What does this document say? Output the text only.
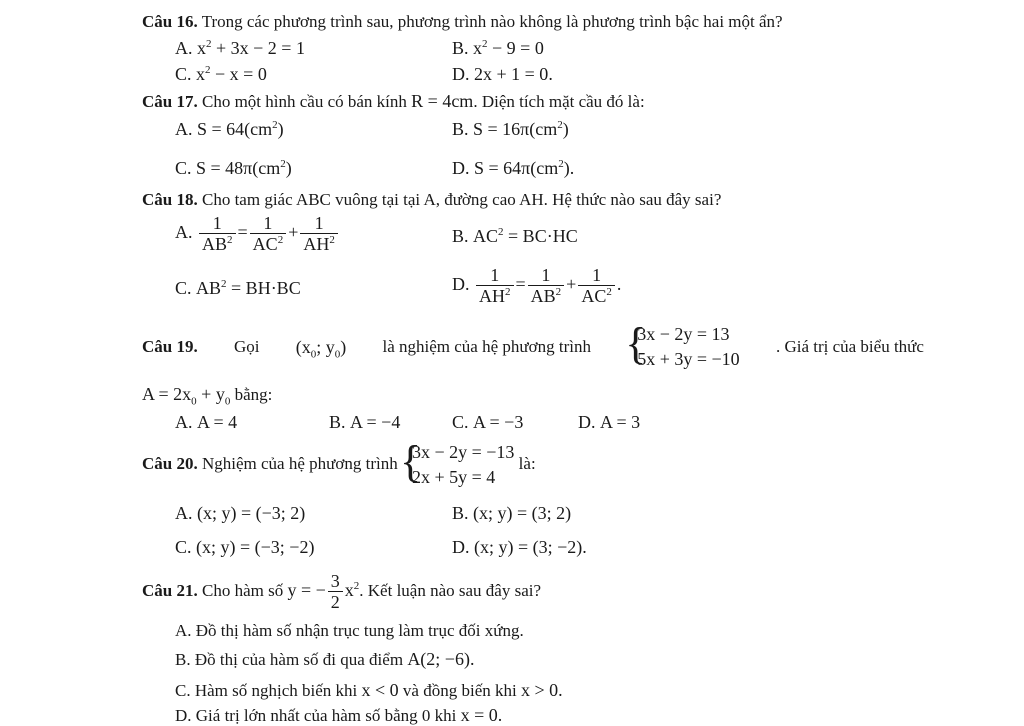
Câu 16. Trong các phương trình sau, phương trình nào không là phương trình bậc hai một ẩn?
A. $x^2 + 3x - 2 = 1$	B. $x^2 - 9 = 0$
C. $x^2 - x = 0$	D. 2x + 1 = 0.
Câu 17. Cho một hình cầu có bán kính R = 4cm. Diện tích mặt cầu đó là:
A. $S = 64(cm^2)$	B. $S = 16\pi(cm^2)$
C. $S = 48\pi(cm^2)$	D. $S = 64\pi(cm^2)$.
Câu 18. Cho tam giác ABC vuông tại tại A, đường cao AH. Hệ thức nào sau đây sai?
A. $\frac{1}{AB^2} = \frac{1}{AC^2} + \frac{1}{AH^2}$	B. $AC^2 = BC\cdot HC$
C. $AB^2 = BH\cdot BC$	D. $\frac{1}{AH^2} = \frac{1}{AB^2} + \frac{1}{AC^2}$ .
Câu 19. Gọi ($x_0$; $y_0$) là nghiệm của hệ phương trình {
3x − 2y = 13
5x + 3y = −10
. Giá trị của biểu thức
$A = 2x_0 + y_0$ bằng:
A. A = 4	B. A = −4	C. A = −3	D. A = 3
Câu 20. Nghiệm của hệ phương trình {
3x − 2y = −13
2x + 5y = 4
là:
A. (x; y) = (−3; 2)	B. (x; y) = (3; 2)
C. (x; y) = (−3; −2)	D. (x; y) = (3; −2).
Câu 21. Cho hàm số y = − $\frac{3}{2} x^2$. Kết luận nào sau đây sai?
A. Đồ thị hàm số nhận trục tung làm trục đối xứng.
B. Đồ thị của hàm số đi qua điểm A(2; −6).
C. Hàm số nghịch biến khi x < 0 và đồng biến khi x > 0.
D. Giá trị lớn nhất của hàm số bằng 0 khi x = 0.
